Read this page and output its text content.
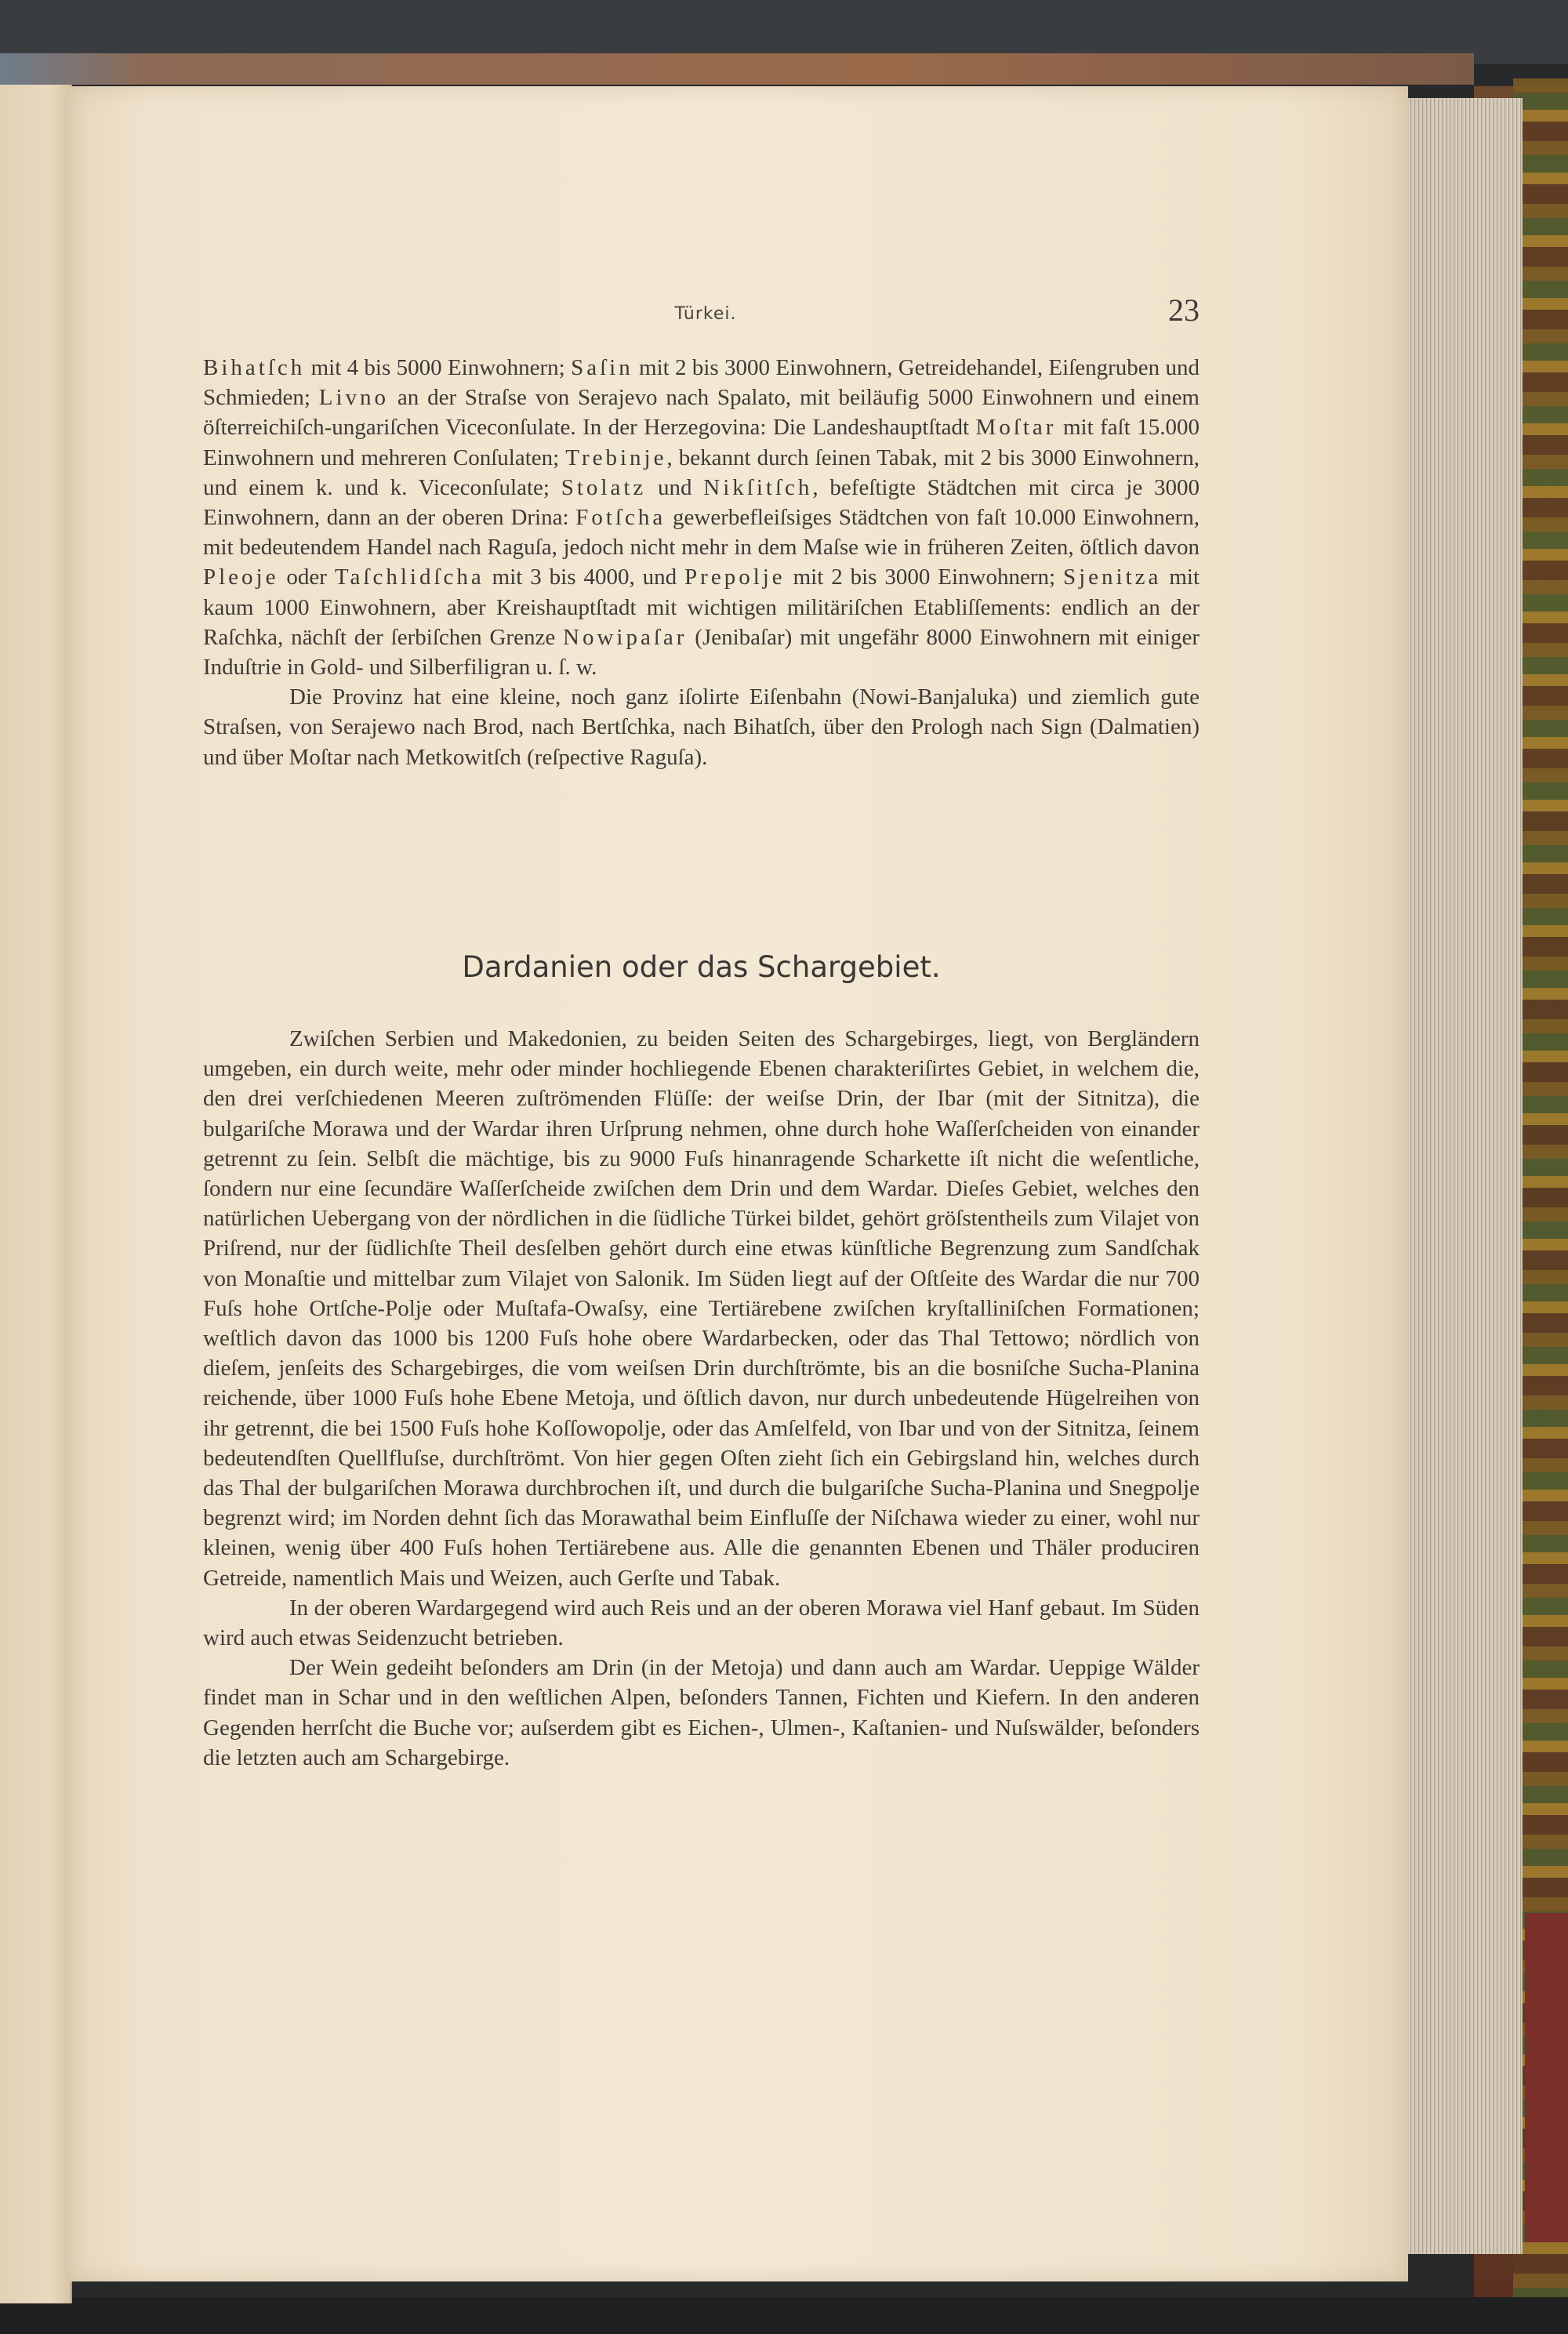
Türkei.	23

Bihatſch mit 4 bis 5000 Einwohnern; Saſin mit 2 bis 3000 Einwohnern, Getreidehandel, Eiſengruben und Schmieden; Livno an der Straſse von Serajevo nach Spalato, mit beiläufig 5000 Einwohnern und einem öſterreichiſch-ungariſchen Viceconſulate. In der Herzegovina: Die Landeshauptſtadt Moſtar mit faſt 15.000 Einwohnern und mehreren Conſulaten; Trebinje, bekannt durch ſeinen Tabak, mit 2 bis 3000 Einwohnern, und einem k. und k. Viceconſulate; Stolatz und Nikſitſch, befeſtigte Städtchen mit circa je 3000 Einwohnern, dann an der oberen Drina: Fotſcha gewerbefleiſsiges Städtchen von faſt 10.000 Einwohnern, mit bedeutendem Handel nach Raguſa, jedoch nicht mehr in dem Maſse wie in früheren Zeiten, öſtlich davon Pleoje oder Taſchlidſcha mit 3 bis 4000, und Prepolje mit 2 bis 3000 Einwohnern; Sjenitza mit kaum 1000 Einwohnern, aber Kreishauptſtadt mit wichtigen militäriſchen Etabliſſements: endlich an der Raſchka, nächſt der ſerbiſchen Grenze Nowipaſar (Jenibaſar) mit ungefähr 8000 Einwohnern mit einiger Induſtrie in Gold- und Silberfiligran u. ſ. w.

Die Provinz hat eine kleine, noch ganz iſolirte Eiſenbahn (Nowi-Banjaluka) und ziemlich gute Straſsen, von Serajewo nach Brod, nach Bertſchka, nach Bihatſch, über den Prologh nach Sign (Dalmatien) und über Moſtar nach Metkowitſch (reſpective Raguſa).

Dardanien oder das Schargebiet.

Zwiſchen Serbien und Makedonien, zu beiden Seiten des Schargebirges, liegt, von Bergländern umgeben, ein durch weite, mehr oder minder hochliegende Ebenen charakteriſirtes Gebiet, in welchem die, den drei verſchiedenen Meeren zuſtrömenden Flüſſe: der weiſse Drin, der Ibar (mit der Sitnitza), die bulgariſche Morawa und der Wardar ihren Urſprung nehmen, ohne durch hohe Waſſerſcheiden von einander getrennt zu ſein. Selbſt die mächtige, bis zu 9000 Fuſs hinanragende Scharkette iſt nicht die weſentliche, ſondern nur eine ſecundäre Waſſerſcheide zwiſchen dem Drin und dem Wardar. Dieſes Gebiet, welches den natürlichen Uebergang von der nördlichen in die ſüdliche Türkei bildet, gehört gröſstentheils zum Vilajet von Priſrend, nur der ſüdlichſte Theil desſelben gehört durch eine etwas künſtliche Begrenzung zum Sandſchak von Monaſtie und mittelbar zum Vilajet von Salonik. Im Süden liegt auf der Oſtſeite des Wardar die nur 700 Fuſs hohe Ortſche-Polje oder Muſtafa-Owaſsy, eine Tertiärebene zwiſchen kryſtalliniſchen Formationen; weſtlich davon das 1000 bis 1200 Fuſs hohe obere Wardarbecken, oder das Thal Tettowo; nördlich von dieſem, jenſeits des Schargebirges, die vom weiſsen Drin durchſtrömte, bis an die bosniſche Sucha-Planina reichende, über 1000 Fuſs hohe Ebene Metoja, und öſtlich davon, nur durch unbedeutende Hügelreihen von ihr getrennt, die bei 1500 Fuſs hohe Koſſowopolje, oder das Amſelfeld, von Ibar und von der Sitnitza, ſeinem bedeutendſten Quellfluſse, durchſtrömt. Von hier gegen Oſten zieht ſich ein Gebirgsland hin, welches durch das Thal der bulgariſchen Morawa durchbrochen iſt, und durch die bulgariſche Sucha-Planina und Snegpolje begrenzt wird; im Norden dehnt ſich das Morawathal beim Einfluſſe der Niſchawa wieder zu einer, wohl nur kleinen, wenig über 400 Fuſs hohen Tertiärebene aus. Alle die genannten Ebenen und Thäler produciren Getreide, namentlich Mais und Weizen, auch Gerſte und Tabak.

In der oberen Wardargegend wird auch Reis und an der oberen Morawa viel Hanf gebaut. Im Süden wird auch etwas Seidenzucht betrieben.

Der Wein gedeiht beſonders am Drin (in der Metoja) und dann auch am Wardar. Ueppige Wälder findet man in Schar und in den weſtlichen Alpen, beſonders Tannen, Fichten und Kiefern. In den anderen Gegenden herrſcht die Buche vor; auſserdem gibt es Eichen-, Ulmen-, Kaſtanien- und Nuſswälder, beſonders die letzten auch am Schargebirge.
